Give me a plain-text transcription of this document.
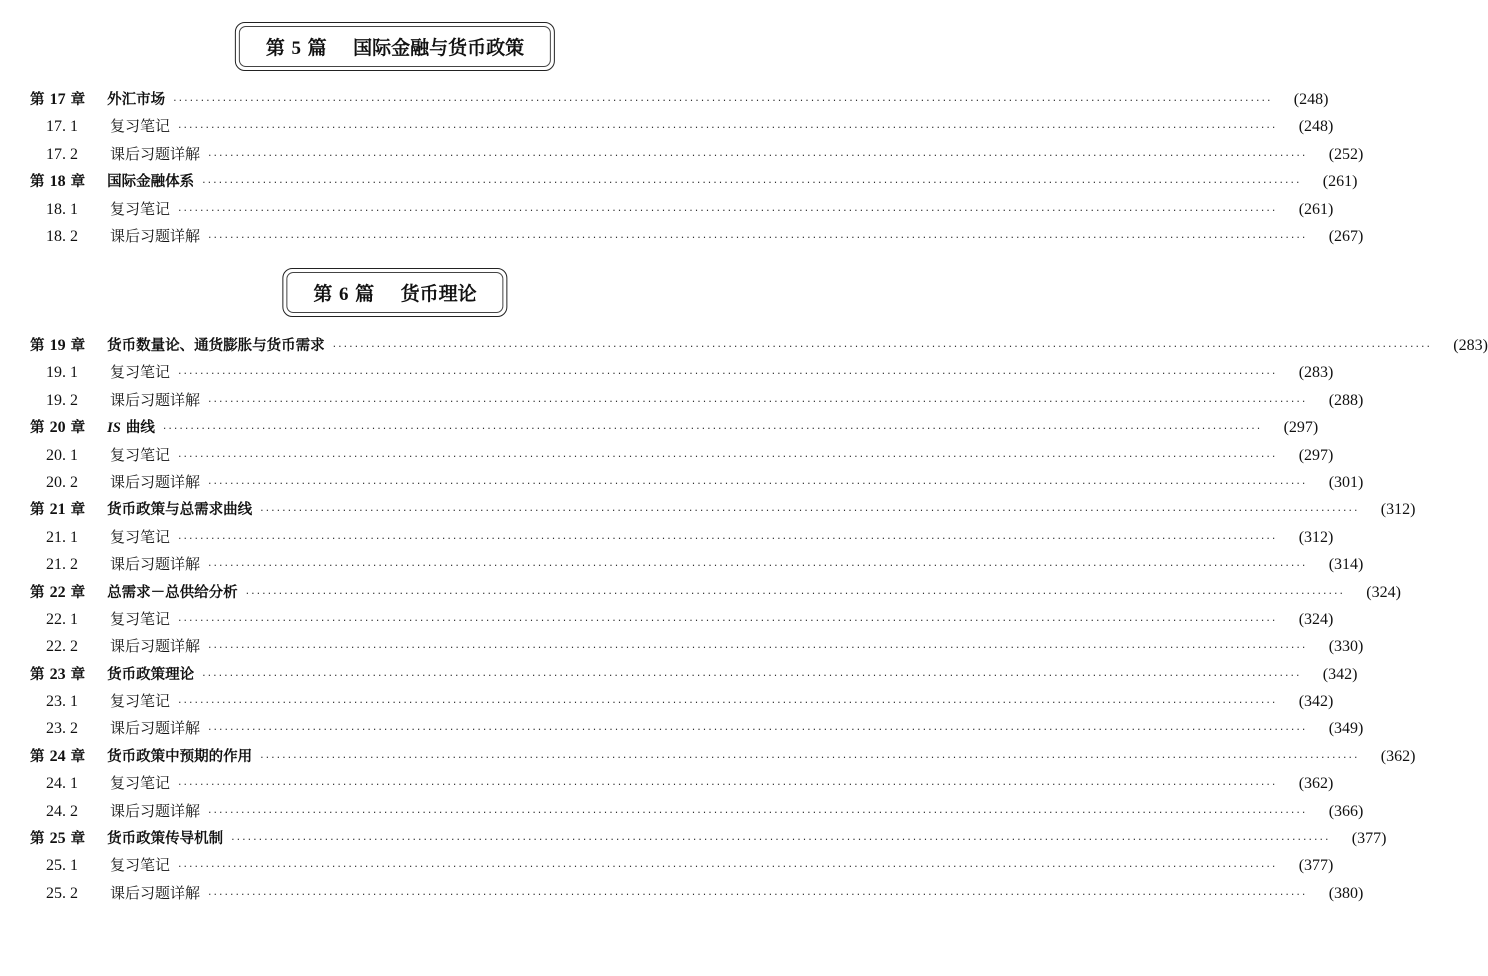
第 5 篇 国际金融与货币政策
第 17 章 外汇市场 ········································································································································································································	(248)
17. 1 复习笔记 ········································································································································································································	(248)
17. 2 课后习题详解 ········································································································································································································	(252)
第 18 章 国际金融体系 ········································································································································································································	(261)
18. 1 复习笔记 ········································································································································································································	(261)
18. 2 课后习题详解 ········································································································································································································	(267)
第 6 篇 货币理论
第 19 章 货币数量论、通货膨胀与货币需求 ········································································································································································································	(283)
19. 1 复习笔记 ········································································································································································································	(283)
19. 2 课后习题详解 ········································································································································································································	(288)
第 20 章 IS 曲线 ········································································································································································································	(297)
20. 1 复习笔记 ········································································································································································································	(297)
20. 2 课后习题详解 ········································································································································································································	(301)
第 21 章 货币政策与总需求曲线 ········································································································································································································	(312)
21. 1 复习笔记 ········································································································································································································	(312)
21. 2 课后习题详解 ········································································································································································································	(314)
第 22 章 总需求－总供给分析 ········································································································································································································	(324)
22. 1 复习笔记 ········································································································································································································	(324)
22. 2 课后习题详解 ········································································································································································································	(330)
第 23 章 货币政策理论 ········································································································································································································	(342)
23. 1 复习笔记 ········································································································································································································	(342)
23. 2 课后习题详解 ········································································································································································································	(349)
第 24 章 货币政策中预期的作用 ········································································································································································································	(362)
24. 1 复习笔记 ········································································································································································································	(362)
24. 2 课后习题详解 ········································································································································································································	(366)
第 25 章 货币政策传导机制 ········································································································································································································	(377)
25. 1 复习笔记 ········································································································································································································	(377)
25. 2 课后习题详解 ········································································································································································································	(380)
